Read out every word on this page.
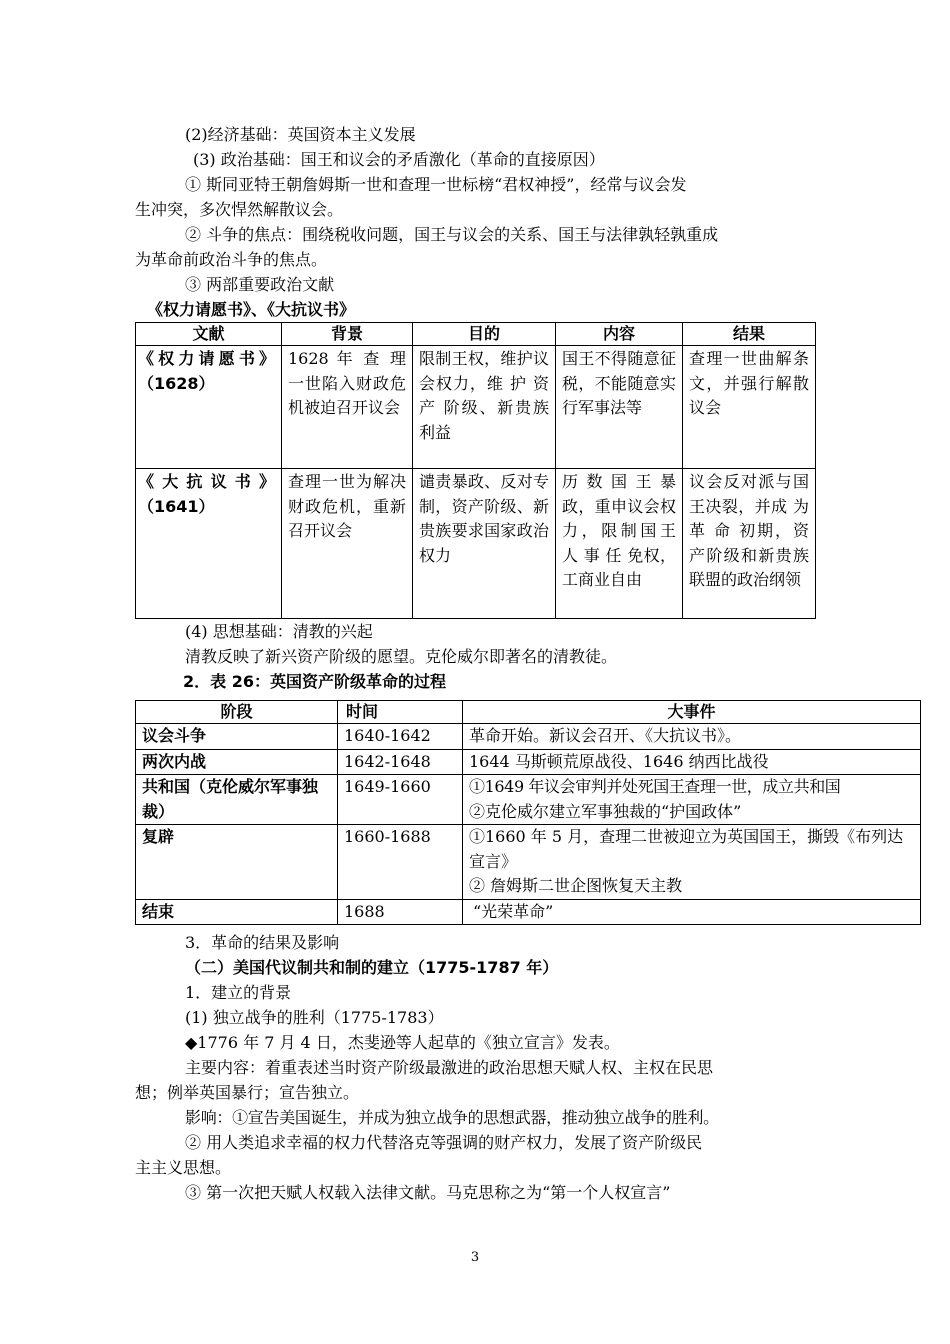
(2)经济基础：英国资本主义发展
(3) 政治基础：国王和议会的矛盾激化（革命的直接原因）
① 斯同亚特王朝詹姆斯一世和查理一世标榜“君权神授”，经常与议会发
生冲突，多次悍然解散议会。
② 斗争的焦点：围绕税收问题，国王与议会的关系、国王与法律孰轻孰重成
为革命前政治斗争的焦点。
③ 两部重要政治文献
《权力请愿书》、《大抗议书》
文献	背景	目的	内容	结果
《权力请愿书》（1628）	1628 年 查 理 一世陷入财政危机被迫召开议会	限制王权，维护议会权力，维 护 资 产 阶级、新贵族利益	国王不得随意征税，不能随意实行军事法等	查理一世曲解条文，并强行解散议会
《大抗议书》（1641）	查理一世为解决财政危机，重新召开议会	谴责暴政、反对专制，资产阶级、新贵族要求国家政治权力	历 数 国 王 暴政，重申议会权力，限制国王 人 事 任 免权，工商业自由	议会反对派与国王决裂，并成 为 革 命 初期，资产阶级和新贵族联盟的政治纲领
(4) 思想基础：清教的兴起
清教反映了新兴资产阶级的愿望。克伦威尔即著名的清教徒。
2．表 26：英国资产阶级革命的过程
阶段	时间	大事件
议会斗争	1640-1642	革命开始。新议会召开、《大抗议书》。

两次内战	1642-1648	1644 马斯顿荒原战役、1646 纳西比战役

共和国（克伦威尔军事独裁）	1649-1660	①1649 年议会审判并处死国王查理一世，成立共和国
②克伦威尔建立军事独裁的“护国政体”

复辟	1660-1688	①1660 年 5 月，查理二世被迎立为英国国王，撕毁《布列达宣言》
② 詹姆斯二世企图恢复天主教

结束	1688	“光荣革命”
3．革命的结果及影响
（二）美国代议制共和制的建立（1775-1787 年）
1．建立的背景
(1) 独立战争的胜利（1775-1783）
◆1776 年 7 月 4 日，杰斐逊等人起草的《独立宣言》发表。
主要内容：着重表述当时资产阶级最激进的政治思想天赋人权、主权在民思
想；例举英国暴行；宣告独立。
影响：①宣告美国诞生，并成为独立战争的思想武器，推动独立战争的胜利。
② 用人类追求幸福的权力代替洛克等强调的财产权力，发展了资产阶级民
主主义思想。
③ 第一次把天赋人权载入法律文献。马克思称之为“第一个人权宣言”
3
